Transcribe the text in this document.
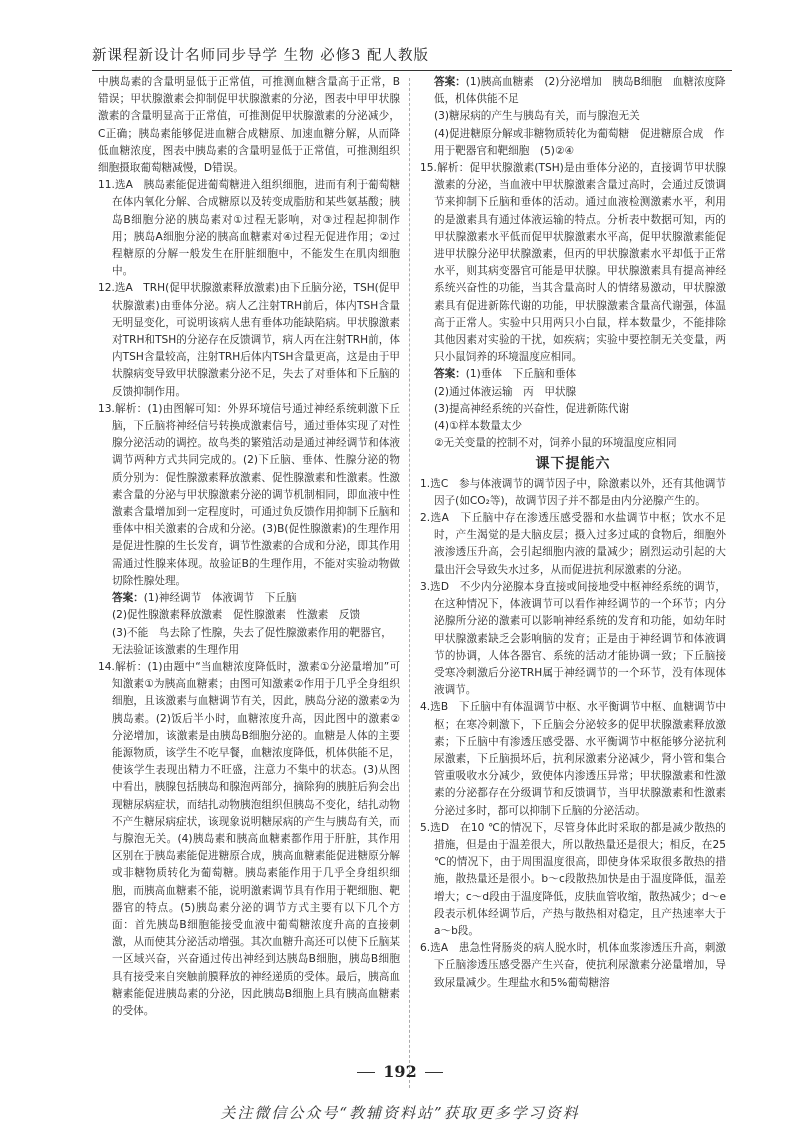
新课程新设计名师同步导学 生物 必修3 配人教版

中胰岛素的含量明显低于正常值，可推测血糖含量高于正常，B错误；甲状腺激素会抑制促甲状腺激素的分泌，图表中甲甲状腺激素的含量明显高于正常值，可推测促甲状腺激素的分泌减少，C正确；胰岛素能够促进血糖合成糖原、加速血糖分解，从而降低血糖浓度，图表中胰岛素的含量明显低于正常值，可推测组织细胞摄取葡萄糖减慢，D错误。

11.选A　胰岛素能促进葡萄糖进入组织细胞，进而有利于葡萄糖在体内氧化分解、合成糖原以及转变成脂肪和某些氨基酸；胰岛B细胞分泌的胰岛素对①过程无影响，对③过程起抑制作用；胰岛A细胞分泌的胰高血糖素对④过程无促进作用；②过程糖原的分解一般发生在肝脏细胞中，不能发生在肌肉细胞中。

12.选A　TRH(促甲状腺激素释放激素)由下丘脑分泌，TSH(促甲状腺激素)由垂体分泌。病人乙注射TRH前后，体内TSH含量无明显变化，可说明该病人患有垂体功能缺陷病。甲状腺激素对TRH和TSH的分泌存在反馈调节，病人丙在注射TRH前，体内TSH含量较高，注射TRH后体内TSH含量更高，这是由于甲状腺病变导致甲状腺激素分泌不足，失去了对垂体和下丘脑的反馈抑制作用。

13.解析：(1)由图解可知：外界环境信号通过神经系统刺激下丘脑，下丘脑将神经信号转换成激素信号，通过垂体实现了对性腺分泌活动的调控。故鸟类的繁殖活动是通过神经调节和体液调节两种方式共同完成的。(2)下丘脑、垂体、性腺分泌的物质分别为：促性腺激素释放激素、促性腺激素和性激素。性激素含量的分泌与甲状腺激素分泌的调节机制相同，即血液中性激素含量增加到一定程度时，可通过负反馈作用抑制下丘脑和垂体中相关激素的合成和分泌。(3)B(促性腺激素)的生理作用是促进性腺的生长发育，调节性激素的合成和分泌，即其作用需通过性腺来体现。故验证B的生理作用，不能对实验动物做切除性腺处理。

答案：(1)神经调节　体液调节　下丘脑

(2)促性腺激素释放激素　促性腺激素　性激素　反馈

(3)不能　鸟去除了性腺，失去了促性腺激素作用的靶器官，无法验证该激素的生理作用

14.解析：(1)由题中“当血糖浓度降低时，激素①分泌量增加”可知激素①为胰高血糖素；由图可知激素②作用于几乎全身组织细胞，且该激素与血糖调节有关，因此，胰岛分泌的激素②为胰岛素。(2)饭后半小时，血糖浓度升高，因此图中的激素②分泌增加，该激素是由胰岛B细胞分泌的。血糖是人体的主要能源物质，该学生不吃早餐，血糖浓度降低，机体供能不足，使该学生表现出精力不旺盛，注意力不集中的状态。(3)从图中看出，胰腺包括胰岛和腺泡两部分，摘除狗的胰脏后狗会出现糖尿病症状，而结扎动物胰泡组织但胰岛不变化，结扎动物不产生糖尿病症状，该现象说明糖尿病的产生与胰岛有关，而与腺泡无关。(4)胰岛素和胰高血糖素都作用于肝脏，其作用区别在于胰岛素能促进糖原合成，胰高血糖素能促进糖原分解或非糖物质转化为葡萄糖。胰岛素能作用于几乎全身组织细胞，而胰高血糖素不能，说明激素调节具有作用于靶细胞、靶器官的特点。(5)胰岛素分泌的调节方式主要有以下几个方面：首先胰岛B细胞能接受血液中葡萄糖浓度升高的直接刺激，从而使其分泌活动增强。其次血糖升高还可以使下丘脑某一区域兴奋，兴奋通过传出神经到达胰岛B细胞，胰岛B细胞具有接受来自突触前膜释放的神经递质的受体。最后，胰高血糖素能促进胰岛素的分泌，因此胰岛B细胞上具有胰高血糖素的受体。

答案：(1)胰高血糖素　(2)分泌增加　胰岛B细胞　血糖浓度降低，机体供能不足

(3)糖尿病的产生与胰岛有关，而与腺泡无关

(4)促进糖原分解或非糖物质转化为葡萄糖　促进糖原合成　作用于靶器官和靶细胞　(5)②④

15.解析：促甲状腺激素(TSH)是由垂体分泌的，直接调节甲状腺激素的分泌，当血液中甲状腺激素含量过高时，会通过反馈调节来抑制下丘脑和垂体的活动。通过血液检测激素水平，利用的是激素具有通过体液运输的特点。分析表中数据可知，丙的甲状腺激素水平低而促甲状腺激素水平高，促甲状腺激素能促进甲状腺分泌甲状腺激素，但丙的甲状腺激素水平却低于正常水平，则其病变器官可能是甲状腺。甲状腺激素具有提高神经系统兴奋性的功能，当其含量高时人的情绪易激动，甲状腺激素具有促进新陈代谢的功能，甲状腺激素含量高代谢强，体温高于正常人。实验中只用两只小白鼠，样本数量少，不能排除其他因素对实验的干扰，如疾病；实验中要控制无关变量，两只小鼠饲养的环境温度应相同。

答案：(1)垂体　下丘脑和垂体

(2)通过体液运输　丙　甲状腺

(3)提高神经系统的兴奋性，促进新陈代谢

(4)①样本数量太少

②无关变量的控制不对，饲养小鼠的环境温度应相同

课下提能六

1.选C　参与体液调节的调节因子中，除激素以外，还有其他调节因子(如CO₂等)，故调节因子并不都是由内分泌腺产生的。

2.选A　下丘脑中存在渗透压感受器和水盐调节中枢；饮水不足时，产生渴觉的是大脑皮层；摄入过多过咸的食物后，细胞外液渗透压升高，会引起细胞内液的量减少；剧烈运动引起的大量出汗会导致失水过多，从而促进抗利尿激素的分泌。

3.选D　不少内分泌腺本身直接或间接地受中枢神经系统的调节，在这种情况下，体液调节可以看作神经调节的一个环节；内分泌腺所分泌的激素可以影响神经系统的发育和功能，如幼年时甲状腺激素缺乏会影响脑的发育；正是由于神经调节和体液调节的协调，人体各器官、系统的活动才能协调一致；下丘脑接受寒冷刺激后分泌TRH属于神经调节的一个环节，没有体现体液调节。

4.选B　下丘脑中有体温调节中枢、水平衡调节中枢、血糖调节中枢；在寒冷刺激下，下丘脑会分泌较多的促甲状腺激素释放激素；下丘脑中有渗透压感受器、水平衡调节中枢能够分泌抗利尿激素，下丘脑损坏后，抗利尿激素分泌减少，肾小管和集合管重吸收水分减少，致使体内渗透压异常；甲状腺激素和性激素的分泌都存在分级调节和反馈调节，当甲状腺激素和性激素分泌过多时，都可以抑制下丘脑的分泌活动。

5.选D　在10 ℃的情况下，尽管身体此时采取的都是减少散热的措施，但是由于温差很大，所以散热量还是很大；相反，在25 ℃的情况下，由于周围温度很高，即使身体采取很多散热的措施，散热量还是很小。b～c段散热加快是由于温度降低，温差增大；c～d段由于温度降低，皮肤血管收缩，散热减少；d～e段表示机体经调节后，产热与散热相对稳定，且产热速率大于a～b段。

6.选A　患急性肾肠炎的病人脱水时，机体血浆渗透压升高，刺激下丘脑渗透压感受器产生兴奋，使抗利尿激素分泌量增加，导致尿量减少。生理盐水和5%葡萄糖溶

192
关注微信公众号“教辅资料站”获取更多学习资料
